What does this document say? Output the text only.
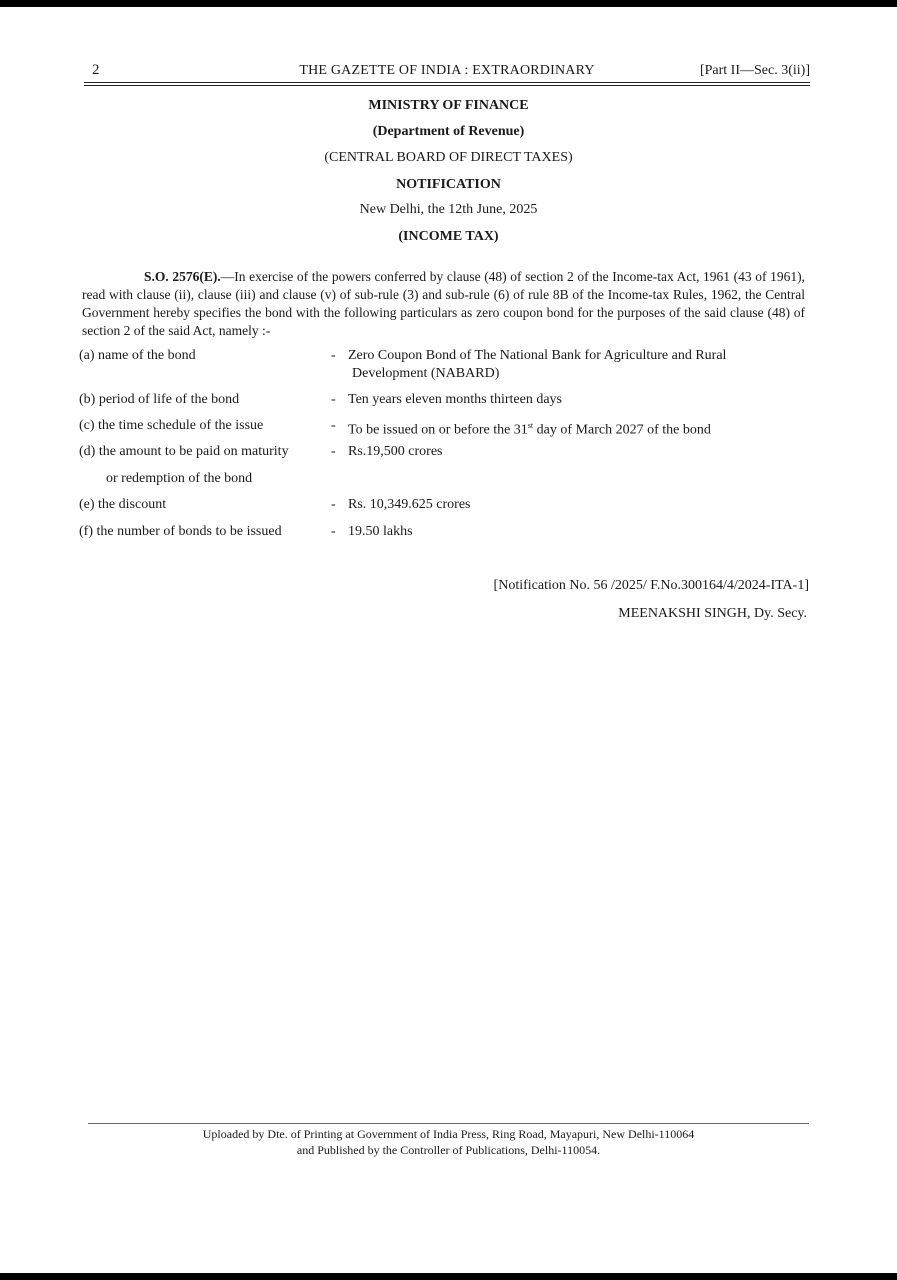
2	THE GAZETTE OF INDIA : EXTRAORDINARY	[Part II—Sec. 3(ii)]
MINISTRY OF FINANCE
(Department of Revenue)
(CENTRAL BOARD OF DIRECT TAXES)
NOTIFICATION
New Delhi, the 12th June, 2025
(INCOME TAX)

S.O. 2576(E).—In exercise of the powers conferred by clause (48) of section 2 of the Income-tax Act, 1961 (43 of 1961), read with clause (ii), clause (iii) and clause (v) of sub-rule (3) and sub-rule (6) of rule 8B of the Income-tax Rules, 1962, the Central Government hereby specifies the bond with the following particulars as zero coupon bond for the purposes of the said clause (48) of section 2 of the said Act, namely :-

(a) name of the bond	- Zero Coupon Bond of The National Bank for Agriculture and Rural
Development (NABARD)
(b) period of life of the bond	- Ten years eleven months thirteen days
(c) the time schedule of the issue	- To be issued on or before the 31st day of March 2027 of the bond
(d) the amount to be paid on maturity
or redemption of the bond
- Rs.19,500 crores
(e) the discount	- Rs. 10,349.625 crores
(f) the number of bonds to be issued	- 19.50 lakhs
[Notification No. 56 /2025/ F.No.300164/4/2024-ITA-1]
MEENAKSHI SINGH, Dy. Secy.
Uploaded by Dte. of Printing at Government of India Press, Ring Road, Mayapuri, New Delhi-110064
and Published by the Controller of Publications, Delhi-110054.
